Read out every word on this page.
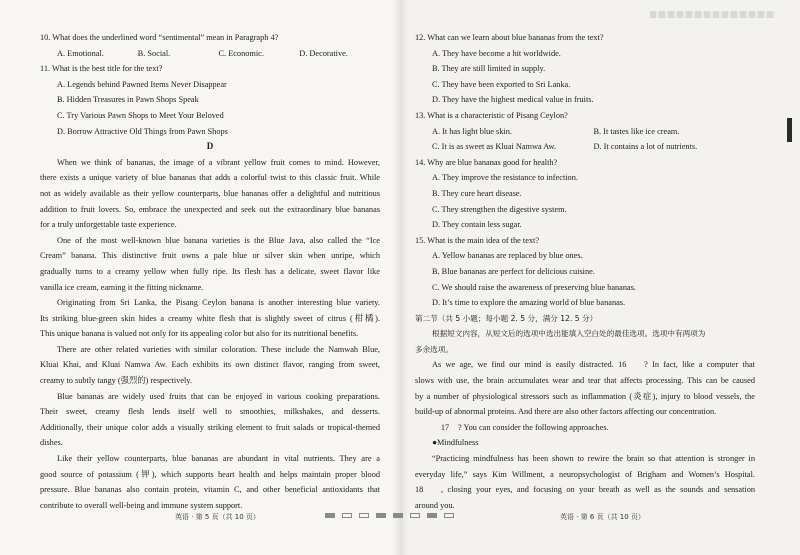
10. What does the underlined word “sentimental” mean in Paragraph 4?
A. Emotional.	B. Social.	C. Economic.	D. Decorative.
11. What is the best title for the text?
A. Legends behind Pawned Items Never Disappear
B. Hidden Treasures in Pawn Shops Speak
C. Try Various Pawn Shops to Meet Your Beloved
D. Borrow Attractive Old Things from Pawn Shops
D
When we think of bananas, the image of a vibrant yellow fruit comes to mind. However,
there exists a unique variety of blue bananas that adds a colorful twist to this classic fruit. While
not as widely available as their yellow counterparts, blue bananas offer a delightful and nutritious
addition to fruit lovers. So, embrace the unexpected and seek out the extraordinary blue bananas
for a truly unforgettable taste experience.
One of the most well-known blue banana varieties is the Blue Java, also called the “Ice
Cream” banana. This distinctive fruit owns a pale blue or silver skin when unripe, which
gradually turns to a creamy yellow when fully ripe. Its flesh has a delicate, sweet flavor like
vanilla ice cream, earning it the fitting nickname.
Originating from Sri Lanka, the Pisang Ceylon banana is another interesting blue variety.
Its striking blue-green skin hides a creamy white flesh that is slightly sweet of citrus (柑橘).
This unique banana is valued not only for its appealing color but also for its nutritional benefits.
There are other related varieties with similar coloration. These include the Namwah Blue,
Kluai Khai, and Kluai Namwa Aw. Each exhibits its own distinct flavor, ranging from sweet,
creamy to subtly tangy (强烈的) respectively.
Blue bananas are widely used fruits that can be enjoyed in various cooking preparations.
Their sweet, creamy flesh lends itself well to smoothies, milkshakes, and desserts.
Additionally, their unique color adds a visually striking element to fruit salads or tropical-themed
dishes.
Like their yellow counterparts, blue bananas are abundant in vital nutrients. They are a
good source of potassium (钾), which supports heart health and helps maintain proper blood
pressure. Blue bananas also contain protein, vitamin C, and other beneficial antioxidants that
contribute to overall well-being and immune system support.
12. What can we learn about blue bananas from the text?
A. They have become a hit worldwide.
B. They are still limited in supply.
C. They have been exported to Sri Lanka.
D. They have the highest medical value in fruits.
13. What is a characteristic of Pisang Ceylon?
A. It has light blue skin.	B. It tastes like ice cream.
C. It is as sweet as Kluai Namwa Aw.	D. It contains a lot of nutrients.
14. Why are blue bananas good for health?
A. They improve the resistance to infection.
B. They cure heart disease.
C. They strengthen the digestive system.
D. They contain less sugar.
15. What is the main idea of the text?
A. Yellow bananas are replaced by blue ones.
B. Blue bananas are perfect for delicious cuisine.
C. We should raise the awareness of preserving blue bananas.
D. It’s time to explore the amazing world of blue bananas.
第二节（共 5 小题；每小题 2. 5 分，满分 12. 5 分）
根据短文内容，从短文后的选项中选出能填入空白处的最佳选项。选项中有两项为
多余选项。
As we age, we find our mind is easily distracted. 16 ? In fact, like a computer that
slows with use, the brain accumulates wear and tear that affects processing. This can be caused
by a number of physiological stressors such as inflammation (炎症), injury to blood vessels, the
build-up of abnormal proteins. And there are also other factors affecting our concentration.
17 ? You can consider the following approaches.
●Mindfulness
“Practicing mindfulness has been shown to rewire the brain so that attention is stronger in
everyday life,” says Kim Willment, a neuropsychologist of Brigham and Women’s Hospital.
18 , closing your eyes, and focusing on your breath as well as the sounds and sensation
around you.
英语 · 第 5 页（共 10 页）	英语 · 第 6 页（共 10 页）
